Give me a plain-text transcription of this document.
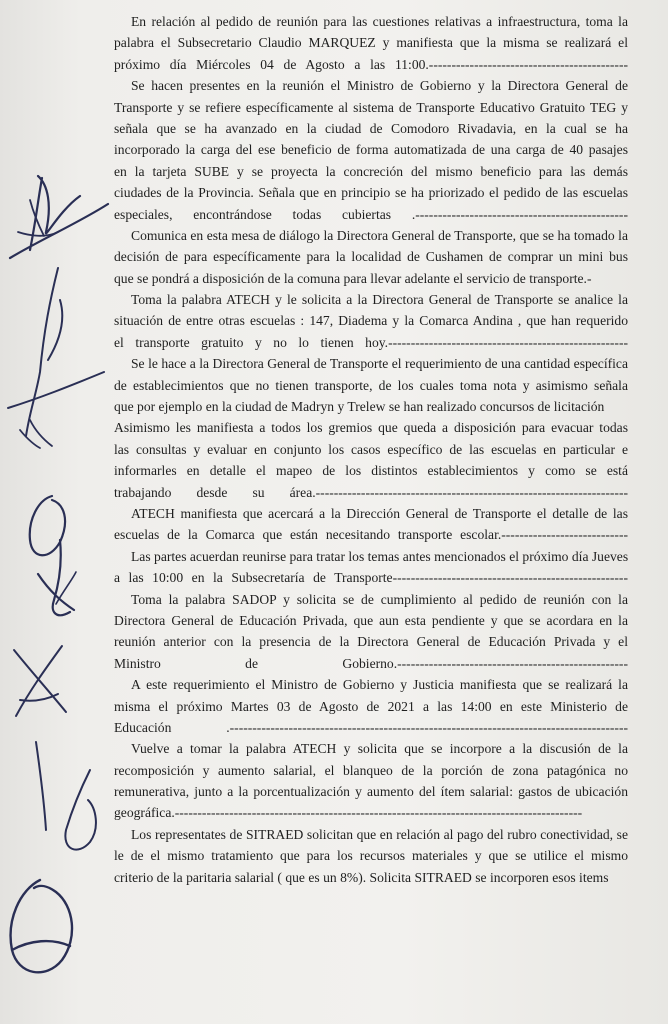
En relación al pedido de reunión para las cuestiones relativas a infraestructura, toma la
palabra el Subsecretario Claudio MARQUEZ y manifiesta que la misma se realizará el
próximo día Miércoles 04 de Agosto a las 11:00.--------------------------------------------
Se hacen presentes en la reunión el Ministro de Gobierno y la Directora General de
Transporte y se refiere específicamente al sistema de Transporte Educativo Gratuito TEG y
señala que se ha avanzado en la ciudad de Comodoro Rivadavia, en la cual se ha
incorporado la carga del ese beneficio de forma automatizada de una carga de 40 pasajes
en la tarjeta SUBE y se proyecta la concreción del mismo beneficio para las demás
ciudades de la Provincia. Señala que en principio se ha priorizado el pedido de las escuelas
especiales, encontrándose todas cubiertas .-----------------------------------------------
Comunica en esta mesa de diálogo la Directora General de Transporte, que se ha tomado la
decisión de para específicamente para la localidad de Cushamen de comprar un mini bus
que se pondrá a disposición de la comuna para llevar adelante el servicio de transporte.-
Toma la palabra ATECH y le solicita a la Directora General de Transporte se analice la
situación de entre otras escuelas : 147, Diadema y la Comarca Andina , que han requerido
el transporte gratuito y no lo tienen hoy.-----------------------------------------------------
Se le hace a la Directora General de Transporte el requerimiento de una cantidad específica
de establecimientos que no tienen transporte, de los cuales toma nota y asimismo señala
que por ejemplo en la ciudad de Madryn y Trelew se han realizado concursos de licitación
Asimismo les manifiesta a todos los gremios que queda a disposición para evacuar todas
las consultas y evaluar en conjunto los casos específico de las escuelas en particular e
informarles en detalle el mapeo de los distintos establecimientos y como se está
trabajando desde su área.---------------------------------------------------------------------
ATECH manifiesta que acercará a la Dirección General de Transporte el detalle de las
escuelas de la Comarca que están necesitando transporte escolar.----------------------------
Las partes acuerdan reunirse para tratar los temas antes mencionados el próximo día Jueves
a las 10:00 en la Subsecretaría de Transporte----------------------------------------------------
Toma la palabra SADOP y solicita se de cumplimiento al pedido de reunión con la
Directora General de Educación Privada, que aun esta pendiente y que se acordara en la
reunión anterior con la presencia de la Directora General de Educación Privada y el
Ministro de Gobierno.---------------------------------------------------
A este requerimiento el Ministro de Gobierno y Justicia manifiesta que se realizará la
misma el próximo Martes 03 de Agosto de 2021 a las 14:00 en este Ministerio de
Educación .----------------------------------------------------------------------------------------
Vuelve a tomar la palabra ATECH y solicita que se incorpore a la discusión de la
recomposición y aumento salarial, el blanqueo de la porción de zona patagónica no
remunerativa, junto a la porcentualización y aumento del ítem salarial: gastos de ubicación
geográfica.------------------------------------------------------------------------------------------
Los representates de SITRAED solicitan que en relación al pago del rubro conectividad, se
le de el mismo tratamiento que para los recursos materiales y que se utilice el mismo
criterio de la paritaria salarial ( que es un 8%). Solicita SITRAED se incorporen esos items
